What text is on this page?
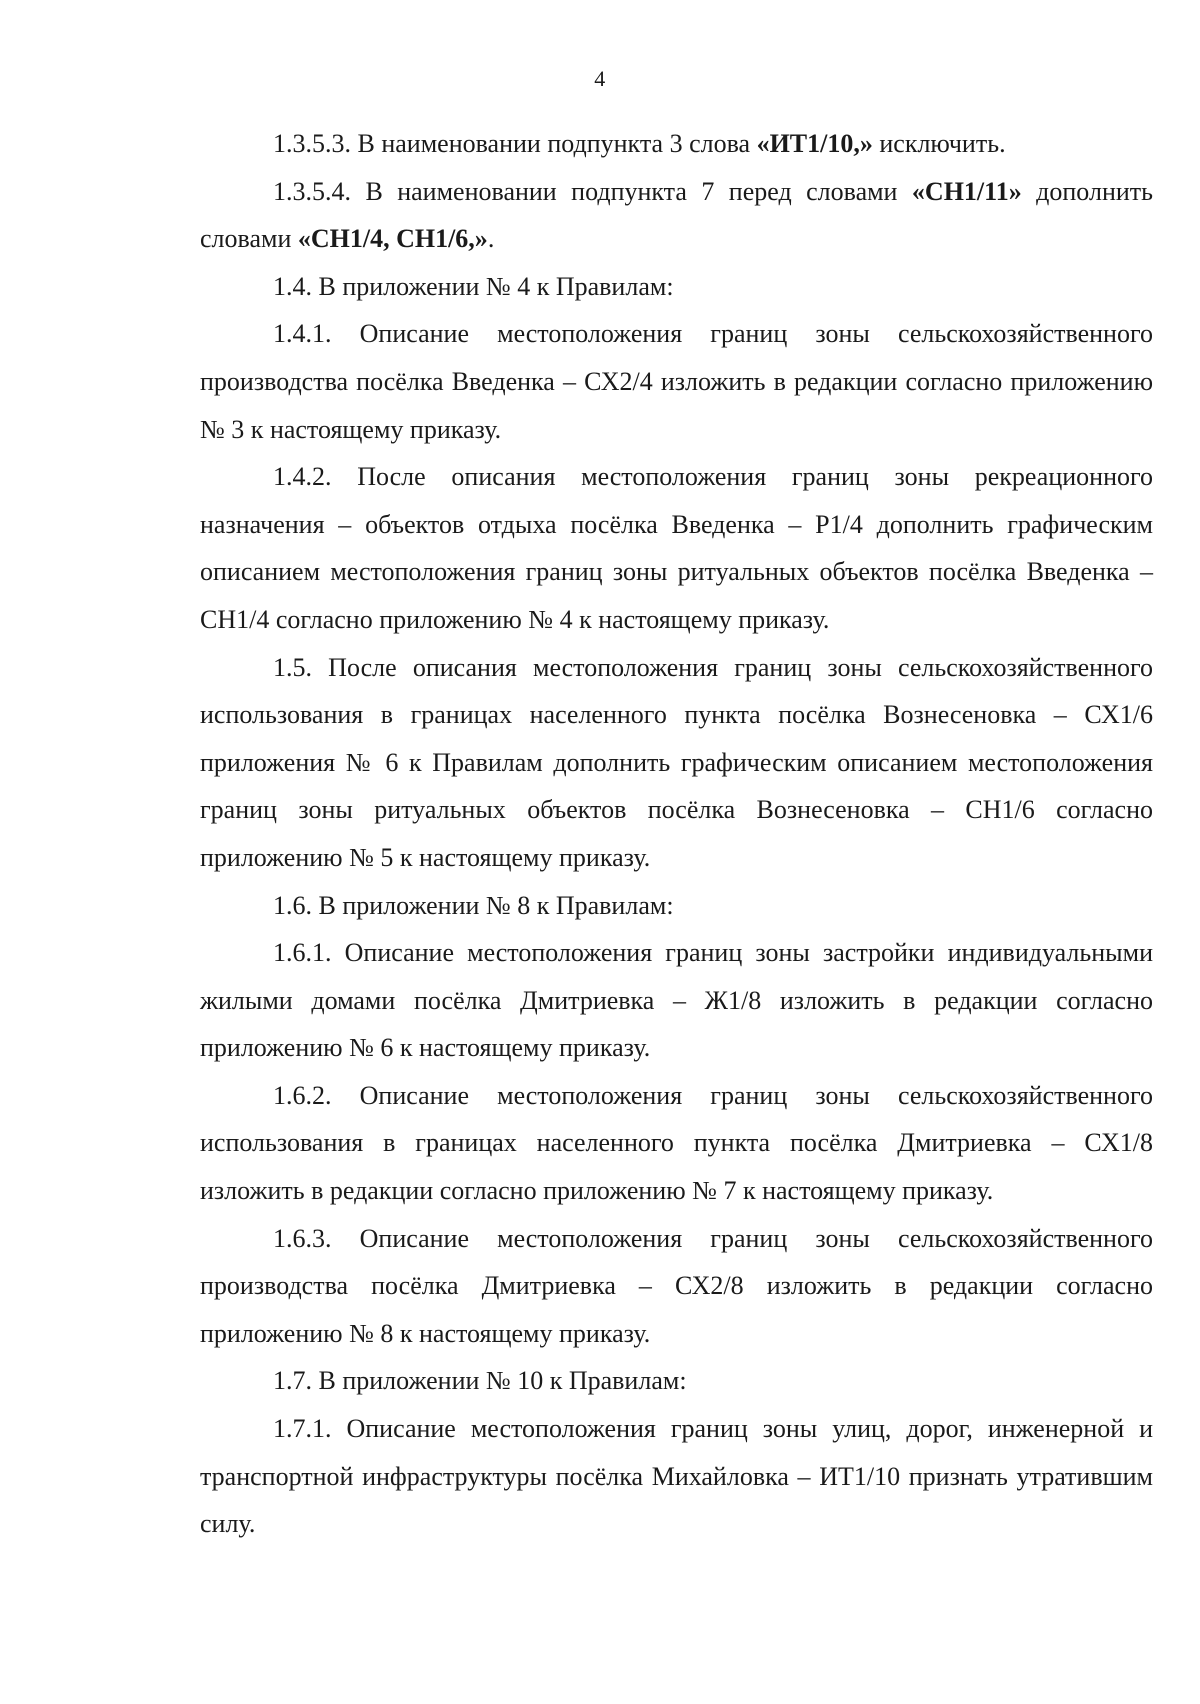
4

1.3.5.3. В наименовании подпункта 3 слова «ИТ1/10,» исключить.

1.3.5.4. В наименовании подпункта 7 перед словами «СН1/11» дополнить словами «СН1/4, СН1/6,».

1.4. В приложении № 4 к Правилам:

1.4.1. Описание местоположения границ зоны сельскохозяйственного производства посёлка Введенка – СХ2/4 изложить в редакции согласно приложению № 3 к настоящему приказу.

1.4.2. После описания местоположения границ зоны рекреационного назначения – объектов отдыха посёлка Введенка – Р1/4 дополнить графическим описанием местоположения границ зоны ритуальных объектов посёлка Введенка – СН1/4 согласно приложению № 4 к настоящему приказу.

1.5. После описания местоположения границ зоны сельскохозяйственного использования в границах населенного пункта посёлка Вознесеновка – СХ1/6 приложения № 6 к Правилам дополнить графическим описанием местоположения границ зоны ритуальных объектов посёлка Вознесеновка – СН1/6 согласно приложению № 5 к настоящему приказу.

1.6. В приложении № 8 к Правилам:

1.6.1. Описание местоположения границ зоны застройки индивидуальными жилыми домами посёлка Дмитриевка – Ж1/8 изложить в редакции согласно приложению № 6 к настоящему приказу.

1.6.2. Описание местоположения границ зоны сельскохозяйственного использования в границах населенного пункта посёлка Дмитриевка – СХ1/8 изложить в редакции согласно приложению № 7 к настоящему приказу.

1.6.3. Описание местоположения границ зоны сельскохозяйственного производства посёлка Дмитриевка – СХ2/8 изложить в редакции согласно приложению № 8 к настоящему приказу.

1.7. В приложении № 10 к Правилам:

1.7.1. Описание местоположения границ зоны улиц, дорог, инженерной и транспортной инфраструктуры посёлка Михайловка – ИТ1/10 признать утратившим силу.
